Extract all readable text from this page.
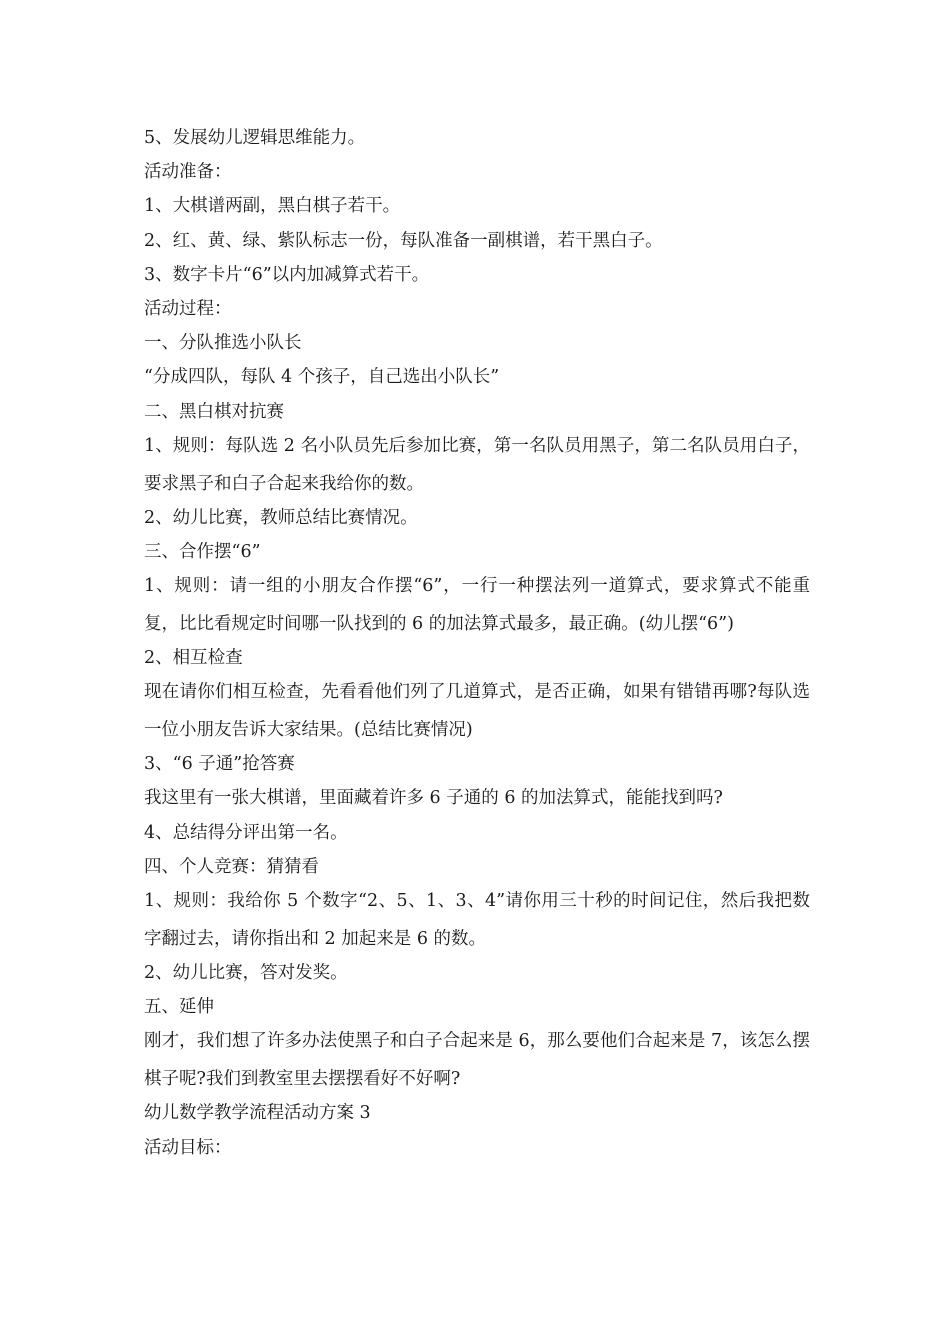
5、发展幼儿逻辑思维能力。
活动准备：
1、大棋谱两副，黑白棋子若干。
2、红、黄、绿、紫队标志一份，每队准备一副棋谱，若干黑白子。
3、数字卡片“6”以内加减算式若干。
活动过程：
一、分队推选小队长
“分成四队，每队 4 个孩子，自己选出小队长”
二、黑白棋对抗赛
1、规则：每队选 2 名小队员先后参加比赛，第一名队员用黑子，第二名队员用白子，要求黑子和白子合起来我给你的数。
2、幼儿比赛，教师总结比赛情况。
三、合作摆“6”
1、规则：请一组的小朋友合作摆“6”，一行一种摆法列一道算式，要求算式不能重复，比比看规定时间哪一队找到的 6 的加法算式最多，最正确。(幼儿摆“6”)
2、相互检查
现在请你们相互检查，先看看他们列了几道算式，是否正确，如果有错错再哪?每队选一位小朋友告诉大家结果。(总结比赛情况)
3、“6 子通”抢答赛
我这里有一张大棋谱，里面藏着许多 6 子通的 6 的加法算式，能能找到吗?
4、总结得分评出第一名。
四、个人竞赛：猜猜看
1、规则：我给你 5 个数字“2、5、1、3、4”请你用三十秒的时间记住，然后我把数字翻过去，请你指出和 2 加起来是 6 的数。
2、幼儿比赛，答对发奖。
五、延伸
刚才，我们想了许多办法使黑子和白子合起来是 6，那么要他们合起来是 7，该怎么摆棋子呢?我们到教室里去摆摆看好不好啊?
幼儿数学教学流程活动方案 3
活动目标：
